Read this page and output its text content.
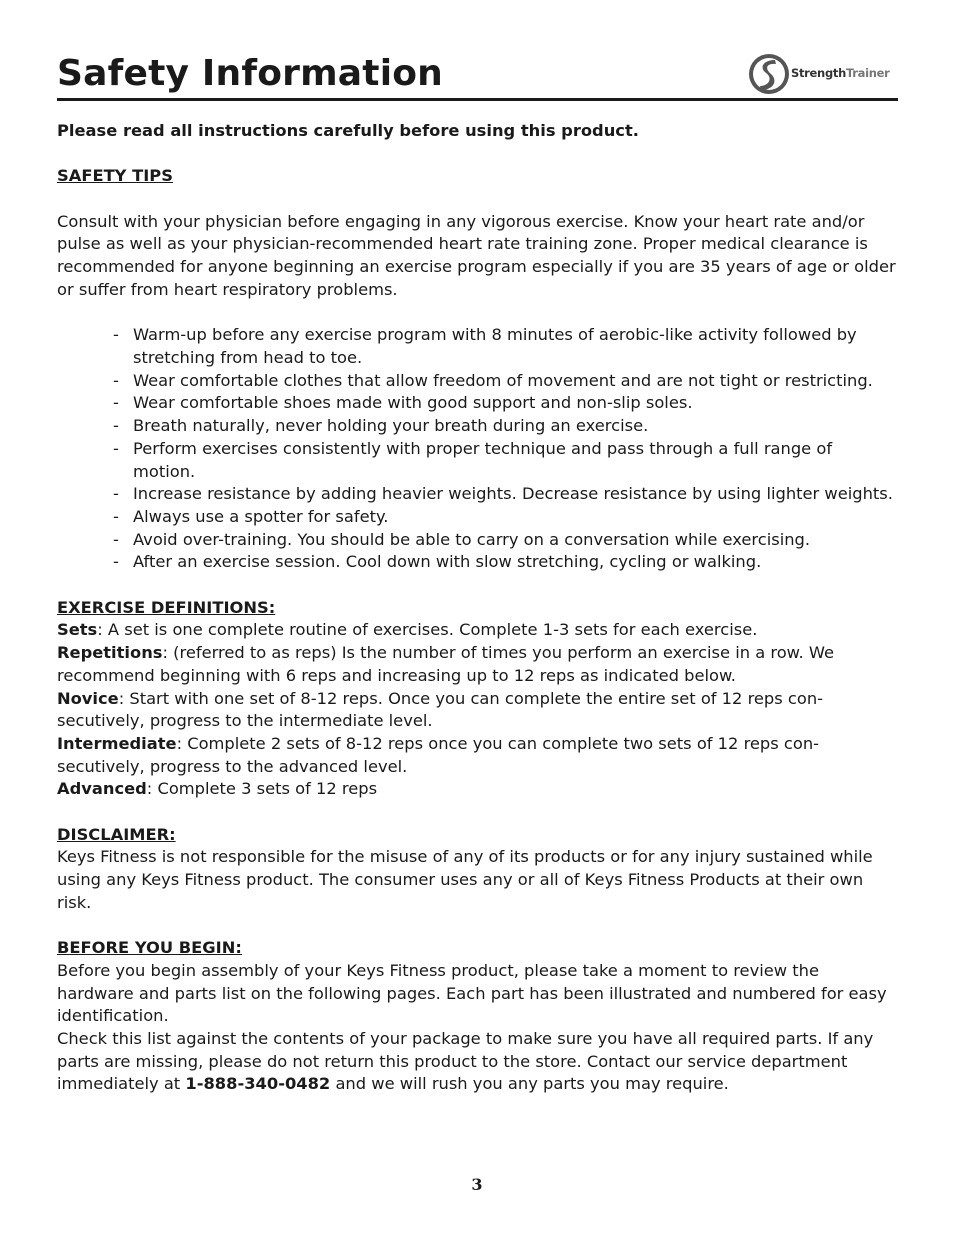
Safety Information	StrengthTrainer

Please read all instructions carefully before using this product.

SAFETY TIPS

Consult with your physician before engaging in any vigorous exercise. Know your heart rate and/or pulse as well as your physician-recommended heart rate training zone. Proper medical clearance is recommended for anyone beginning an exercise program especially if you are 35 years of age or older or suffer from heart respiratory problems.

- Warm-up before any exercise program with 8 minutes of aerobic-like activity followed by stretching from head to toe.
- Wear comfortable clothes that allow freedom of movement and are not tight or restricting.
- Wear comfortable shoes made with good support and non-slip soles.
- Breath naturally, never holding your breath during an exercise.
- Perform exercises consistently with proper technique and pass through a full range of motion.
- Increase resistance by adding heavier weights. Decrease resistance by using lighter weights.
- Always use a spotter for safety.
- Avoid over-training. You should be able to carry on a conversation while exercising.
- After an exercise session. Cool down with slow stretching, cycling or walking.

EXERCISE DEFINITIONS:

Sets: A set is one complete routine of exercises. Complete 1-3 sets for each exercise.

Repetitions: (referred to as reps) Is the number of times you perform an exercise in a row. We recommend beginning with 6 reps and increasing up to 12 reps as indicated below.

Novice: Start with one set of 8-12 reps. Once you can complete the entire set of 12 reps con-secutively, progress to the intermediate level.

Intermediate: Complete 2 sets of 8-12 reps once you can complete two sets of 12 reps con-secutively, progress to the advanced level.

Advanced: Complete 3 sets of 12 reps

DISCLAIMER:

Keys Fitness is not responsible for the misuse of any of its products or for any injury sustained while using any Keys Fitness product. The consumer uses any or all of Keys Fitness Products at their own risk.

BEFORE YOU BEGIN:

Before you begin assembly of your Keys Fitness product, please take a moment to review the hardware and parts list on the following pages. Each part has been illustrated and numbered for easy identification.

Check this list against the contents of your package to make sure you have all required parts. If any parts are missing, please do not return this product to the store. Contact our service department immediately at 1-888-340-0482 and we will rush you any parts you may require.

3
